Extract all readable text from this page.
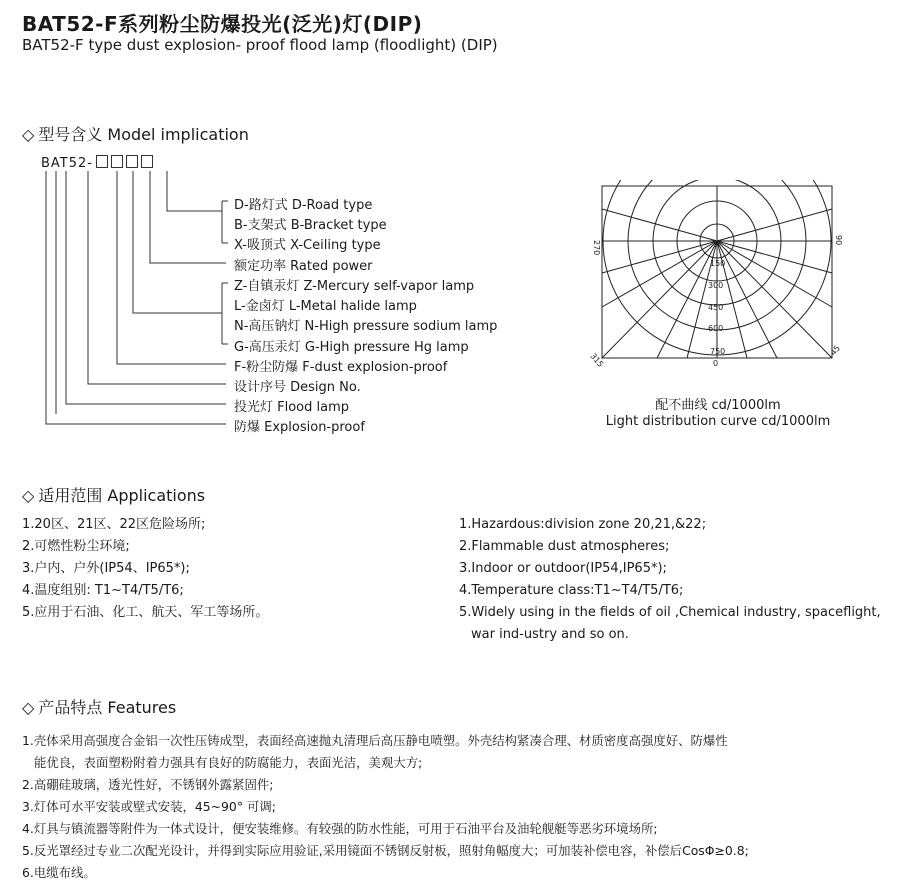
BAT52-F系列粉尘防爆投光(泛光)灯(DIP)
BAT52-F type dust explosion- proof flood lamp (floodlight) (DIP)
◇ 型号含义 Model implication
BAT52-
D-路灯式 D-Road type
B-支架式 B-Bracket type
X-吸顶式 X-Ceiling type
额定功率 Rated power
Z-自镇汞灯 Z-Mercury self-vapor lamp
L-金卤灯 L-Metal halide lamp
N-高压钠灯 N-High pressure sodium lamp
G-高压汞灯 G-High pressure Hg lamp
F-粉尘防爆 F-dust explosion-proof
设计序号 Design No.
投光灯 Flood lamp
防爆 Explosion-proof
270	90
315	0
45
150
300
450
600
750
配不曲线 cd/1000lm
Light distribution curve cd/1000lm
◇ 适用范围 Applications
1.20区、21区、22区危险场所;
2.可燃性粉尘环境;
3.户内、户外(IP54、IP65*);
4.温度组别: T1~T4/T5/T6;
5.应用于石油、化工、航天、军工等场所。
1.Hazardous:division zone 20,21,&22;
2.Flammable dust atmospheres;
3.Indoor or outdoor(IP54,IP65*);
4.Temperature class:T1~T4/T5/T6;
5.Widely using in the fields of oil ,Chemical industry, spaceflight,
war ind-ustry and so on.
◇ 产品特点 Features
1.壳体采用高强度合金铝一次性压铸成型，表面经高速抛丸清理后高压静电喷塑。外壳结构紧凑合理、材质密度高强度好、防爆性
能优良，表面塑粉附着力强具有良好的防腐能力，表面光洁，美观大方;
2.高硼硅玻璃，透光性好，不锈钢外露紧固件;
3.灯体可水平安装或壁式安装，45~90° 可调;
4.灯具与镇流器等附件为一体式设计，便安装维修。有较强的防水性能，可用于石油平台及油轮舰艇等恶劣环境场所;
5.反光罩经过专业二次配光设计，并得到实际应用验证,采用镜面不锈钢反射板，照射角幅度大；可加装补偿电容，补偿后CosΦ≥0.8;
6.电缆布线。
